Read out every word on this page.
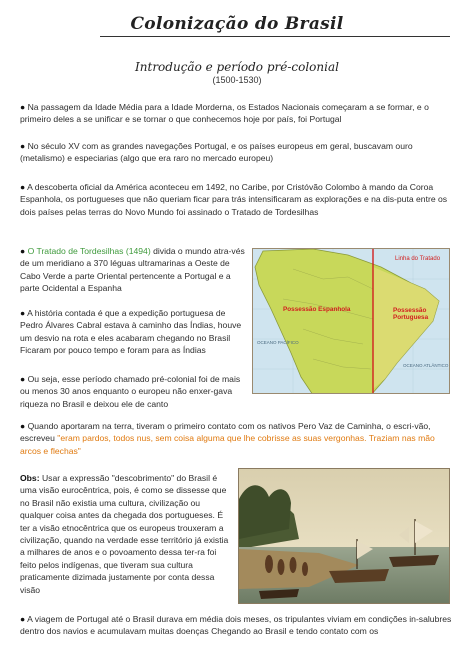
Colonização do Brasil
Introdução e período pré-colonial
(1500-1530)
● Na passagem da Idade Média para a Idade Morderna, os Estados Nacionais começaram a se formar, e o primeiro deles a se unificar e se tornar o que conhecemos hoje por país, foi Portugal
● No século XV com as grandes navegações Portugal, e os países europeus em geral, buscavam ouro (metalismo) e especiarias (algo que era raro no mercado europeu)
● A descoberta oficial da América aconteceu em 1492, no Caribe, por Cristóvão Colombo à mando da Coroa Espanhola, os portugueses que não queriam ficar para trás intensificaram as explorações e na dis-puta entre os dois países pelas terras do Novo Mundo foi assinado o Tratado de Tordesilhas
● O Tratado de Tordesilhas (1494) divida o mundo atra-vés de um meridiano a 370 léguas ultramarinas a Oeste de Cabo Verde a parte Oriental pertencente a Portugal e a parte Ocidental a Espanha
● A história contada é que a expedição portuguesa de Pedro Álvares Cabral estava à caminho das Índias, houve um desvio na rota e eles acabaram chegando no Brasil Ficaram por pouco tempo e foram para as Índias
● Ou seja, esse período chamado pré-colonial foi de mais ou menos 30 anos enquanto o europeu não enxer-gava riqueza no Brasil e deixou ele de canto
Linha do Tratado
OCEANO PACÍFICO
OCEANO ATLÂNTICO
Possessão Espanhola	Possessão Portuguesa
● Quando aportaram na terra, tiveram o primeiro contato com os nativos Pero Vaz de Caminha, o escri-vão, escreveu "eram pardos, todos nus, sem coisa alguma que lhe cobrisse as suas vergonhas. Traziam nas mão arcos e flechas"
Obs: Usar a expressão "descobrimento" do Brasil é uma visão eurocêntrica, pois, é como se dissesse que no Brasil não existia uma cultura, civilização ou qualquer coisa antes da chegada dos portugueses. É ter a visão etnocêntrica que os europeus trouxeram a civilização, quando na verdade esse território já existia a milhares de anos e o povoamento dessa ter-ra foi feito pelos indígenas, que tiveram sua cultura praticamente dizimada justamente por conta dessa visão
● A viagem de Portugal até o Brasil durava em média dois meses, os tripulantes viviam em condições in-salubres dentro dos navios e acumulavam muitas doenças Chegando ao Brasil e tendo contato com os
